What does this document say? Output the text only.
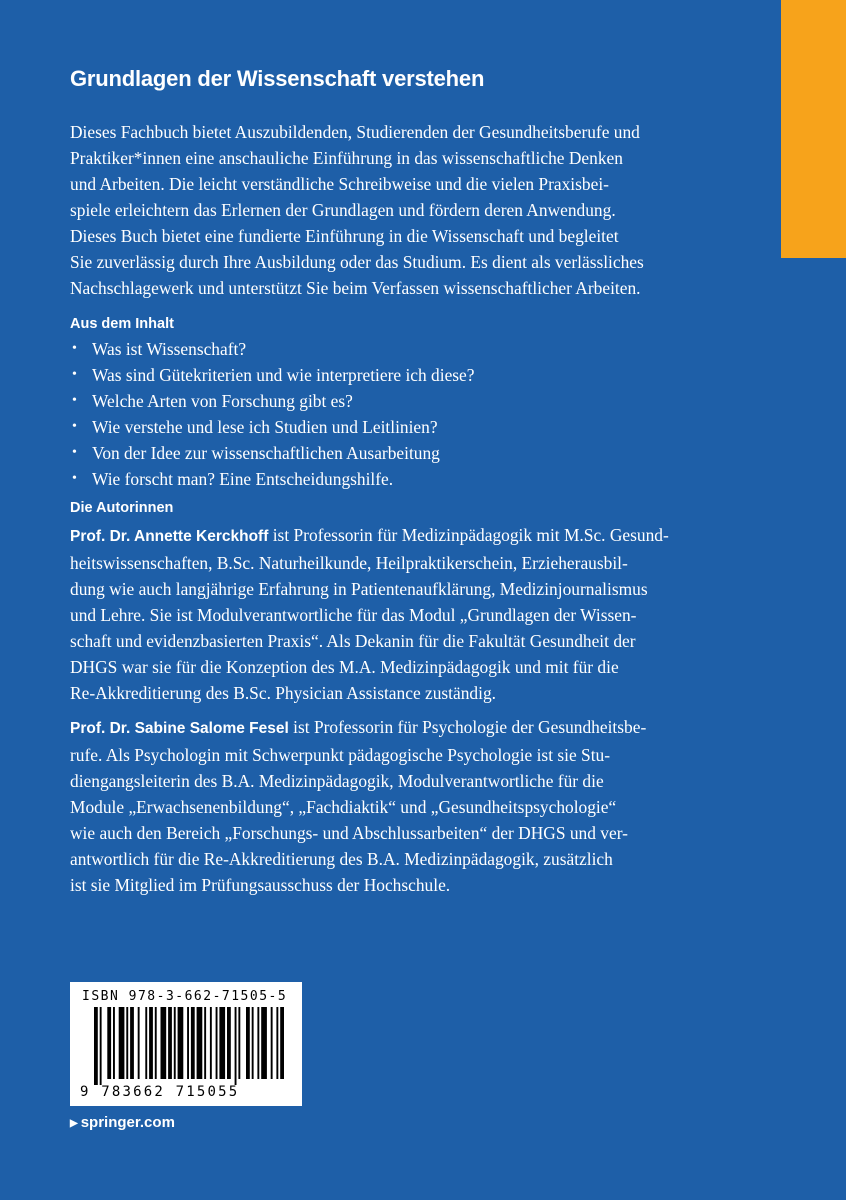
Grundlagen der Wissenschaft verstehen
Dieses Fachbuch bietet Auszubildenden, Studierenden der Gesundheitsberufe und
Praktiker*innen eine anschauliche Einführung in das wissenschaftliche Denken
und Arbeiten. Die leicht verständliche Schreibweise und die vielen Praxisbei-
spiele erleichtern das Erlernen der Grundlagen und fördern deren Anwendung.
Dieses Buch bietet eine fundierte Einführung in die Wissenschaft und begleitet
Sie zuverlässig durch Ihre Ausbildung oder das Studium. Es dient als verlässliches
Nachschlagewerk und unterstützt Sie beim Verfassen wissenschaftlicher Arbeiten.
Aus dem Inhalt
• Was ist Wissenschaft?
• Was sind Gütekriterien und wie interpretiere ich diese?
• Welche Arten von Forschung gibt es?
• Wie verstehe und lese ich Studien und Leitlinien?
• Von der Idee zur wissenschaftlichen Ausarbeitung
• Wie forscht man? Eine Entscheidungshilfe.
Die Autorinnen
Prof. Dr. Annette Kerckhoff ist Professorin für Medizinpädagogik mit M.Sc. Gesund-
heitswissenschaften, B.Sc. Naturheilkunde, Heilpraktikerschein, Erzieherausbil-
dung wie auch langjährige Erfahrung in Patientenaufklärung, Medizinjournalismus
und Lehre. Sie ist Modulverantwortliche für das Modul „Grundlagen der Wissen-
schaft und evidenzbasierten Praxis“. Als Dekanin für die Fakultät Gesundheit der
DHGS war sie für die Konzeption des M.A. Medizinpädagogik und mit für die
Re-Akkreditierung des B.Sc. Physician Assistance zuständig.
Prof. Dr. Sabine Salome Fesel ist Professorin für Psychologie der Gesundheitsbe-
rufe. Als Psychologin mit Schwerpunkt pädagogische Psychologie ist sie Stu-
diengangsleiterin des B.A. Medizinpädagogik, Modulverantwortliche für die
Module „Erwachsenenbildung“, „Fachdiaktik“ und „Gesundheitspsychologie“
wie auch den Bereich „Forschungs- und Abschlussarbeiten“ der DHGS und ver-
antwortlich für die Re-Akkreditierung des B.A. Medizinpädagogik, zusätzlich
ist sie Mitglied im Prüfungsausschuss der Hochschule.
ISBN 978-3-662-71505-5
9 783662 715055
▶ springer.com
